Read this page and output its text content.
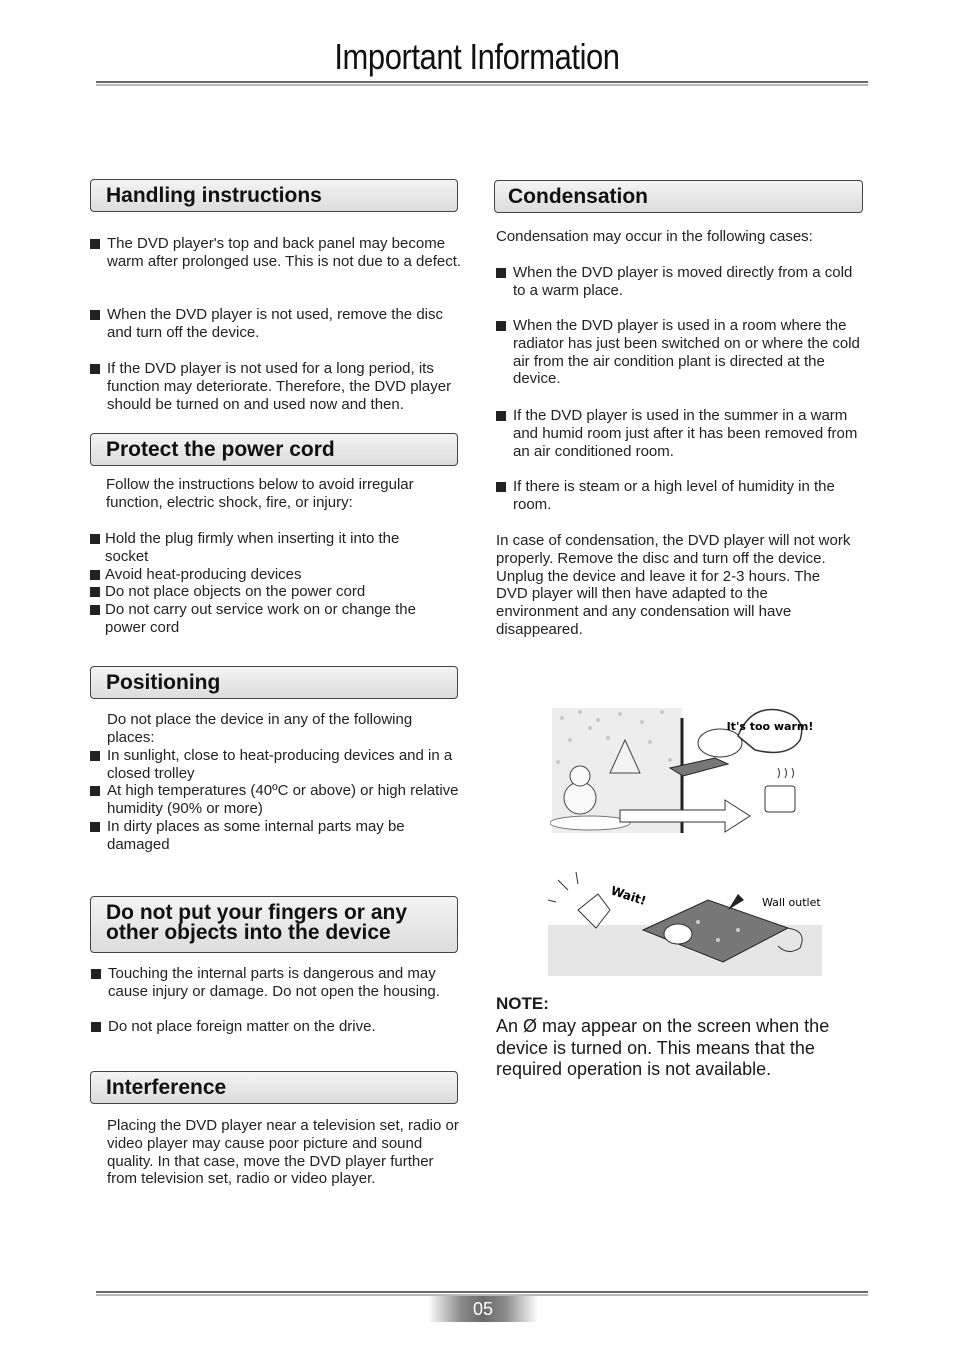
Important Information
Handling instructions
The DVD player's top and back panel may become warm after prolonged use. This is not due to a defect.
When the DVD player is not used, remove the disc and turn off the device.
If the DVD player is not used for a long period, its function may deteriorate. Therefore, the DVD player should be turned on and used now and then.
Protect the power cord
Follow the instructions below to avoid irregular function, electric shock, fire, or injury:
Hold the plug firmly when inserting it into the socket
Avoid heat-producing devices
Do not place objects on the power cord
Do not carry out service work on or change the power cord
Positioning
Do not place the device in any of the following places:
In sunlight, close to heat-producing devices and in a closed trolley
At high temperatures (40ºC or above) or high relative humidity (90% or more)
In dirty places as some internal parts may be damaged
Do not put your fingers or any
other objects into the device
Touching the internal parts is dangerous and may cause injury or damage. Do not open the housing.
Do not place foreign matter on the drive.
Interference
Placing the DVD player near a television set, radio or video player may cause poor picture and sound quality. In that case, move the DVD player further from television set, radio or video player.
Condensation
Condensation may occur in the following cases:
When the DVD player is moved directly from a cold to a warm place.
When the DVD player is used in a room where the radiator has just been switched on or where the cold air from the air condition plant is directed at the device.
If the DVD player is used in the summer in a warm and humid room just after it has been removed from an air conditioned room.
If there is steam or a high level of humidity in the room.
In case of condensation, the DVD player will not work properly. Remove the disc and turn off the device. Unplug the device and leave it for 2-3 hours. The DVD player will then have adapted to the environment and any condensation will have disappeared.
It's too warm!
Wait!	Wall outlet
NOTE:
An Ø may appear on the screen when the device is turned on. This means that the required operation is not available.
05
